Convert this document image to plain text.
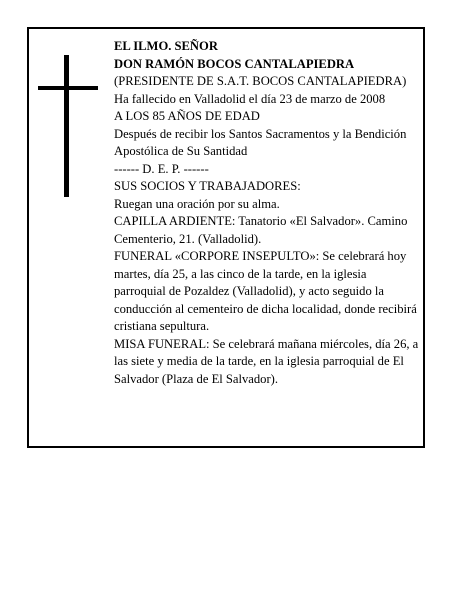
EL ILMO. SEÑOR
DON RAMÓN BOCOS CANTALAPIEDRA
(PRESIDENTE DE S.A.T. BOCOS CANTALAPIEDRA)
Ha fallecido en Valladolid el día 23 de marzo de 2008
A LOS 85 AÑOS DE EDAD
Después de recibir los Santos Sacramentos y la Bendición Apostólica de Su Santidad
------ D. E. P. ------
SUS SOCIOS Y TRABAJADORES:
Ruegan una oración por su alma.
CAPILLA ARDIENTE: Tanatorio «El Salvador». Camino Cementerio, 21. (Valladolid).
FUNERAL «CORPORE INSEPULTO»: Se celebrará hoy martes, día 25, a las cinco de la tarde, en la iglesia parroquial de Pozaldez (Valladolid), y acto seguido la conducción al cementeiro de dicha localidad, donde recibirá cristiana sepultura.
MISA FUNERAL: Se celebrará mañana miércoles, día 26, a las siete y media de la tarde, en la iglesia parroquial de El Salvador (Plaza de El Salvador).
